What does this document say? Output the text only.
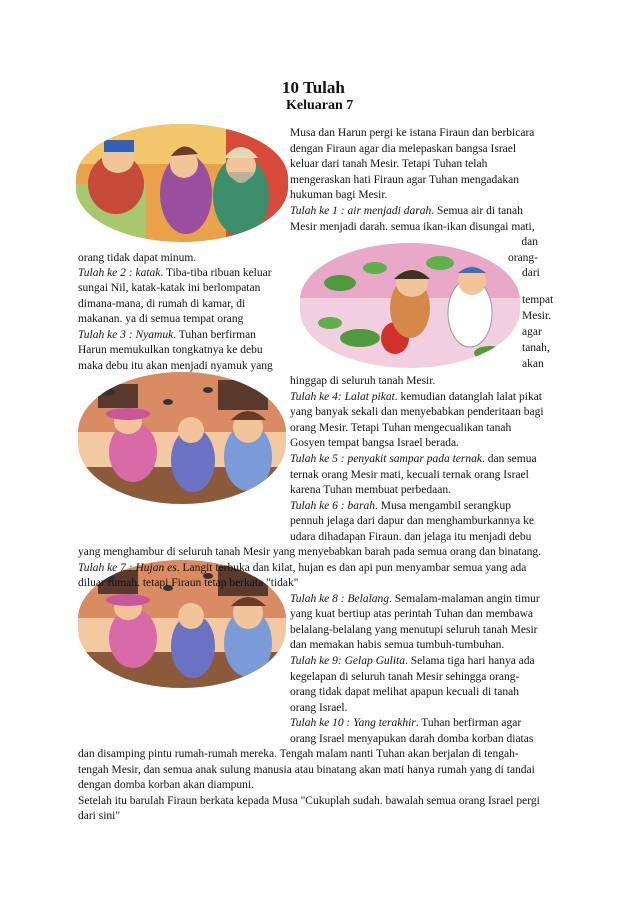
10 Tulah
Keluaran 7
Musa dan Harun pergi ke istana Firaun dan berbicara
dengan Firaun agar dia melepaskan bangsa Israel
keluar dari tanah Mesir. Tetapi Tuhan telah
mengeraskan hati Firaun agar Tuhan mengadakan
hukuman bagi Mesir.
Tulah ke 1 : air menjadi darah. Semua air di tanah
Mesir menjadi darah. semua ikan-ikan disungai mati,
dan
orang-
dari
tempat
Mesir.
agar
tanah,
akan
orang tidak dapat minum.
Tulah ke 2 : katak. Tiba-tiba ribuan keluar
sungai Nil, katak-katak ini berlompatan
dimana-mana, di rumah di kamar, di
makanan. ya di semua tempat orang
Tulah ke 3 : Nyamuk. Tuhan berfirman
Harun memukulkan tongkatnya ke debu
maka debu itu akan menjadi nyamuk yang
hinggap di seluruh tanah Mesir.
Tulah ke 4: Lalat pikat. kemudian datanglah lalat pikat
yang banyak sekali dan menyebabkan penderitaan bagi
orang Mesir. Tetapi Tuhan mengecualikan tanah
Gosyen tempat bangsa Israel berada.
Tulah ke 5 : penyakit sampar pada ternak. dan semua
ternak orang Mesir mati, kecuali ternak orang Israel
karena Tuhan membuat perbedaan.
Tulah ke 6 : barah. Musa mengambil serangkup
pennuh jelaga dari dapur dan menghamburkannya ke
udara dihadapan Firaun. dan jelaga itu menjadi debu
yang menghambur di seluruh tanah Mesir yang menyebabkan barah pada semua orang dan binatang.
Tulah ke 7 : Hujan es. Langit terbuka dan kilat, hujan es dan api pun menyambar semua yang ada
diluar rumah. tetapi Firaun tetap berkata "tidak"
Tulah ke 8 : Belalang. Semalam-malaman angin timur
yang kuat bertiup atas perintah Tuhan dan membawa
belalang-belalang yang menutupi seluruh tanah Mesir
dan memakan habis semua tumbuh-tumbuhan.
Tulah ke 9: Gelap Gulita. Selama tiga hari hanya ada
kegelapan di seluruh tanah Mesir sehingga orang-
orang tidak dapat melihat apapun kecuali di tanah
orang Israel.
Tulah ke 10 : Yang terakhir. Tuhan berfirman agar
orang Israel menyapukan darah domba korban diatas
dan disamping pintu rumah-rumah mereka. Tengah malam nanti Tuhan akan berjalan di tengah-
tengah Mesir, dan semua anak sulung manusia atau binatang akan mati hanya rumah yang di tandai
dengan domba korban akan diampuni.
Setelah itu barulah Firaun berkata kepada Musa "Cukuplah sudah. bawalah semua orang Israel pergi
dari sini"
